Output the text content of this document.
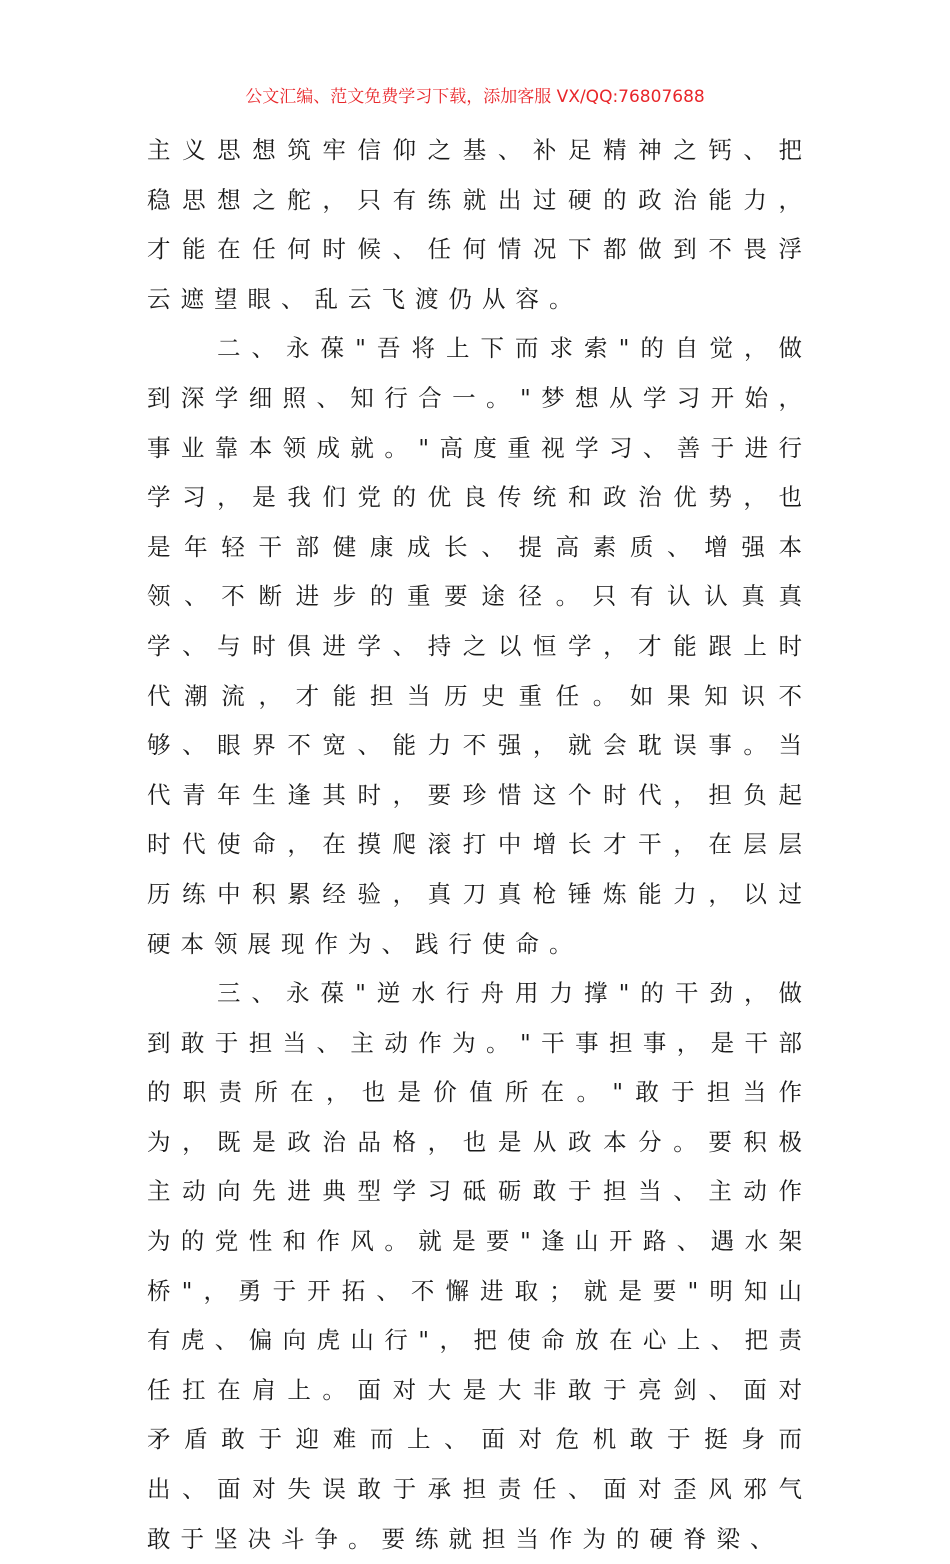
公文汇编、范文免费学习下载，添加客服 VX/QQ:76807688

主义思想筑牢信仰之基、补足精神之钙、把稳思想之舵，只有练就出过硬的政治能力，才能在任何时候、任何情况下都做到不畏浮云遮望眼、乱云飞渡仍从容。

二、永葆"吾将上下而求索"的自觉，做到深学细照、知行合一。"梦想从学习开始，事业靠本领成就。"高度重视学习、善于进行学习，是我们党的优良传统和政治优势，也是年轻干部健康成长、提高素质、增强本领、不断进步的重要途径。只有认认真真学、与时俱进学、持之以恒学，才能跟上时代潮流，才能担当历史重任。如果知识不够、眼界不宽、能力不强，就会耽误事。当代青年生逢其时，要珍惜这个时代，担负起时代使命，在摸爬滚打中增长才干，在层层历练中积累经验，真刀真枪锤炼能力，以过硬本领展现作为、践行使命。

三、永葆"逆水行舟用力撑"的干劲，做到敢于担当、主动作为。"干事担事，是干部的职责所在，也是价值所在。"敢于担当作为，既是政治品格，也是从政本分。要积极主动向先进典型学习砥砺敢于担当、主动作为的党性和作风。就是要"逢山开路、遇水架桥"，勇于开拓、不懈进取；就是要"明知山有虎、偏向虎山行"，把使命放在心上、把责任扛在肩上。面对大是大非敢于亮剑、面对矛盾敢于迎难而上、面对危机敢于挺身而出、面对失误敢于承担责任、面对歪风邪气敢于坚决斗争。要练就担当作为的硬脊梁、
